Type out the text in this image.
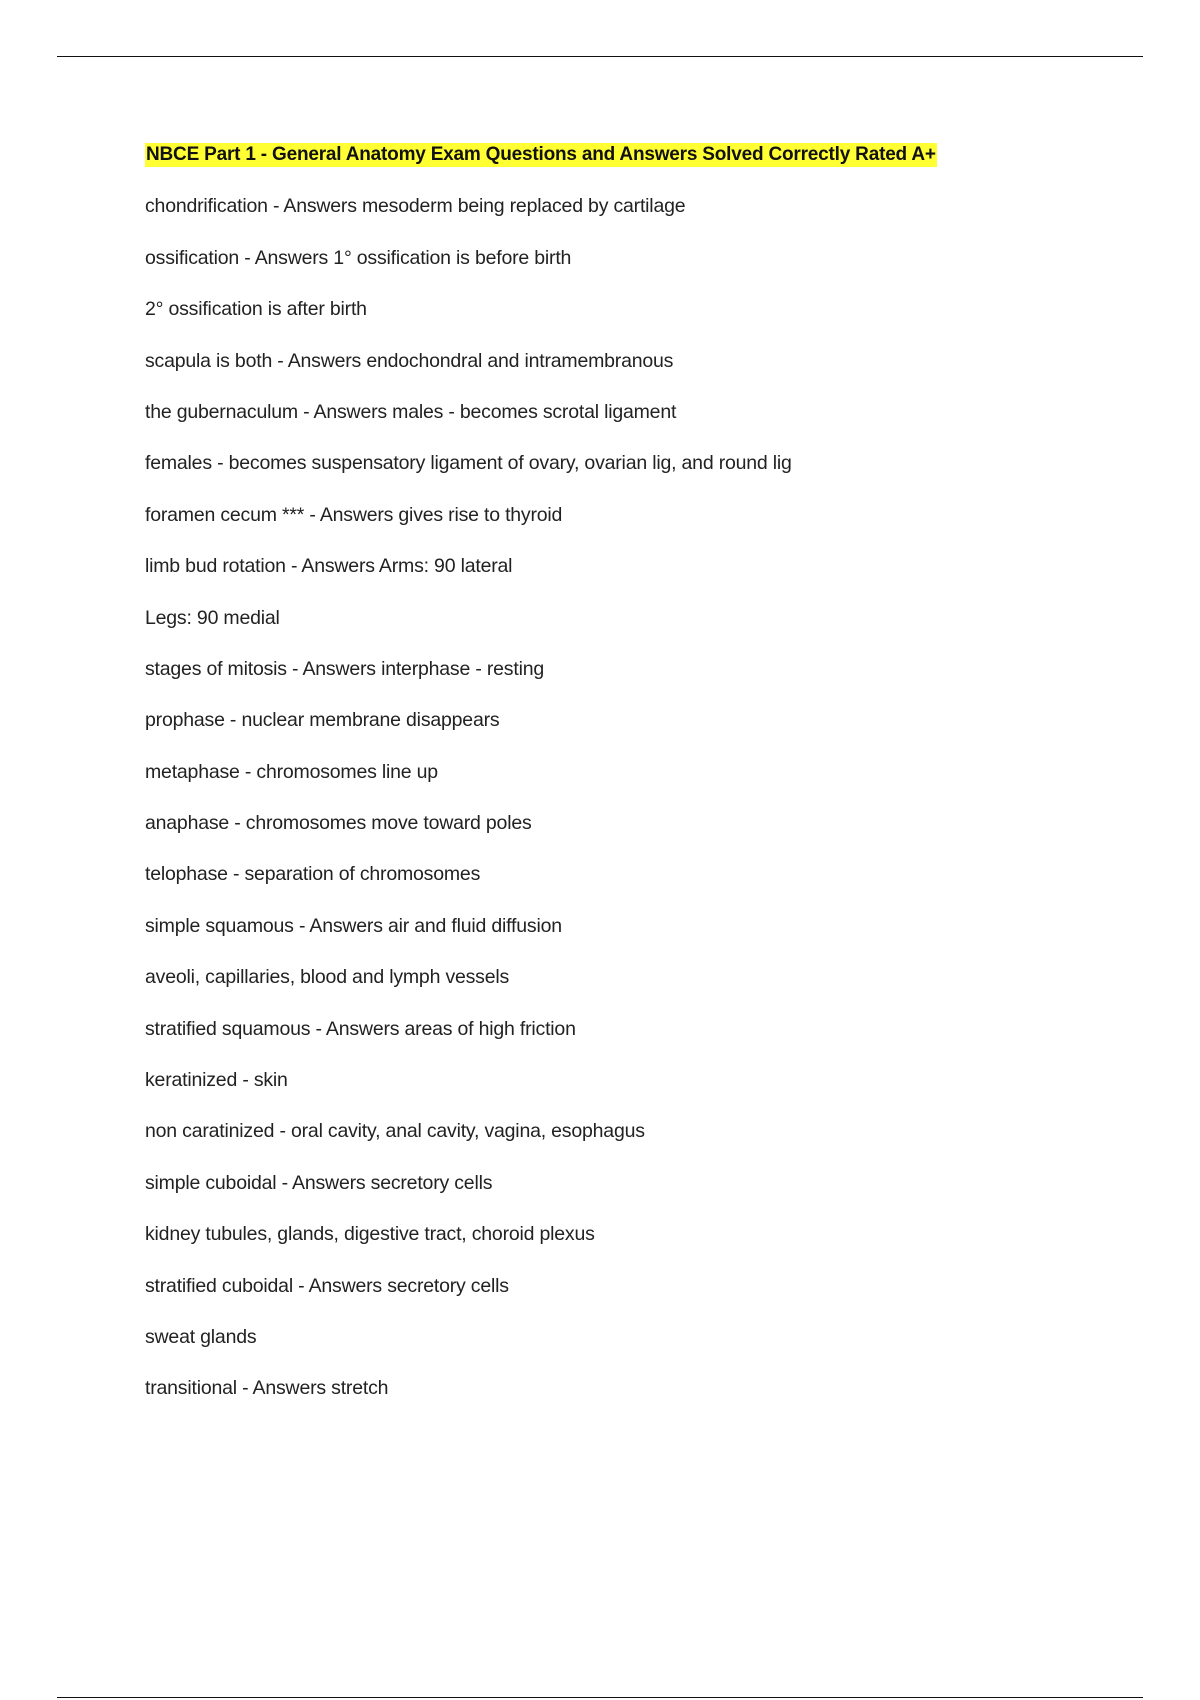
NBCE Part 1 - General Anatomy Exam Questions and Answers Solved Correctly Rated A+
chondrification - Answers mesoderm being replaced by cartilage
ossification - Answers 1° ossification is before birth
2° ossification is after birth
scapula is both - Answers endochondral and intramembranous
the gubernaculum - Answers males - becomes scrotal ligament
females - becomes suspensatory ligament of ovary, ovarian lig, and round lig
foramen cecum *** - Answers gives rise to thyroid
limb bud rotation - Answers Arms: 90 lateral
Legs: 90 medial
stages of mitosis - Answers interphase - resting
prophase - nuclear membrane disappears
metaphase - chromosomes line up
anaphase - chromosomes move toward poles
telophase - separation of chromosomes
simple squamous - Answers air and fluid diffusion
aveoli, capillaries, blood and lymph vessels
stratified squamous - Answers areas of high friction
keratinized - skin
non caratinized - oral cavity, anal cavity, vagina, esophagus
simple cuboidal - Answers secretory cells
kidney tubules, glands, digestive tract, choroid plexus
stratified cuboidal - Answers secretory cells
sweat glands
transitional - Answers stretch
